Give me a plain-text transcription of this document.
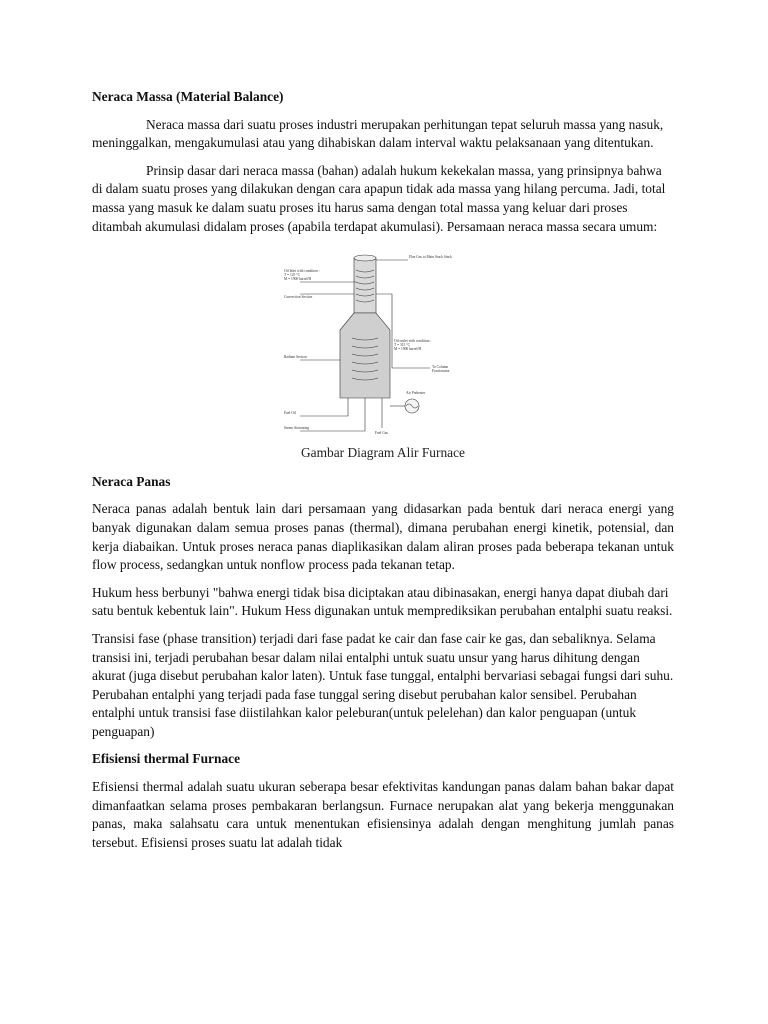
Neraca Massa (Material Balance)

Neraca massa dari suatu proses industri merupakan perhitungan tepat seluruh massa yang nasuk, meninggalkan, mengakumulasi atau yang dihabiskan dalam interval waktu pelaksanaan yang ditentukan.

Prinsip dasar dari neraca massa (bahan) adalah hukum kekekalan massa, yang prinsipnya bahwa di dalam suatu proses yang dilakukan dengan cara apapun tidak ada massa yang hilang percuma. Jadi, total massa yang masuk ke dalam suatu proses itu harus sama dengan total massa yang keluar dari proses ditambah akumulasi didalam proses (apabila terdapat akumulasi). Persamaan neraca massa secara umum:

Flue Gas to Main Stack Stack
Oil Inlet with condition :
T = 125 °C
M = 1900 barrel/H
Convection Section
Oil outlet with condition :
T = 315 °C
M = 1900 barrel/H
Radiant Section
To Column
Fractionator
Air Preheater
Fuel Oil
Steam Atomizing
Fuel Gas

Gambar Diagram Alir Furnace

Neraca Panas

Neraca panas adalah bentuk lain dari persamaan yang didasarkan pada bentuk dari neraca energi yang banyak digunakan dalam semua proses panas (thermal), dimana perubahan energi kinetik, potensial, dan kerja diabaikan. Untuk proses neraca panas diaplikasikan dalam aliran proses pada beberapa tekanan untuk flow process, sedangkan untuk nonflow process pada tekanan tetap.

Hukum hess berbunyi "bahwa energi tidak bisa diciptakan atau dibinasakan, energi hanya dapat diubah dari satu bentuk kebentuk lain". Hukum Hess digunakan untuk memprediksikan perubahan entalphi suatu reaksi.

Transisi fase (phase transition) terjadi dari fase padat ke cair dan fase cair ke gas, dan sebaliknya. Selama transisi ini, terjadi perubahan besar dalam nilai entalphi untuk suatu unsur yang harus dihitung dengan akurat (juga disebut perubahan kalor laten). Untuk fase tunggal, entalphi bervariasi sebagai fungsi dari suhu. Perubahan entalphi yang terjadi pada fase tunggal sering disebut perubahan kalor sensibel. Perubahan entalphi untuk transisi fase diistilahkan kalor peleburan(untuk pelelehan) dan kalor penguapan (untuk penguapan)

Efisiensi thermal Furnace

Efisiensi thermal adalah suatu ukuran seberapa besar efektivitas kandungan panas dalam bahan bakar dapat dimanfaatkan selama proses pembakaran berlangsun. Furnace nerupakan alat yang bekerja menggunakan panas, maka salahsatu cara untuk menentukan efisiensinya adalah dengan menghitung jumlah panas tersebut. Efisiensi proses suatu lat adalah tidak
